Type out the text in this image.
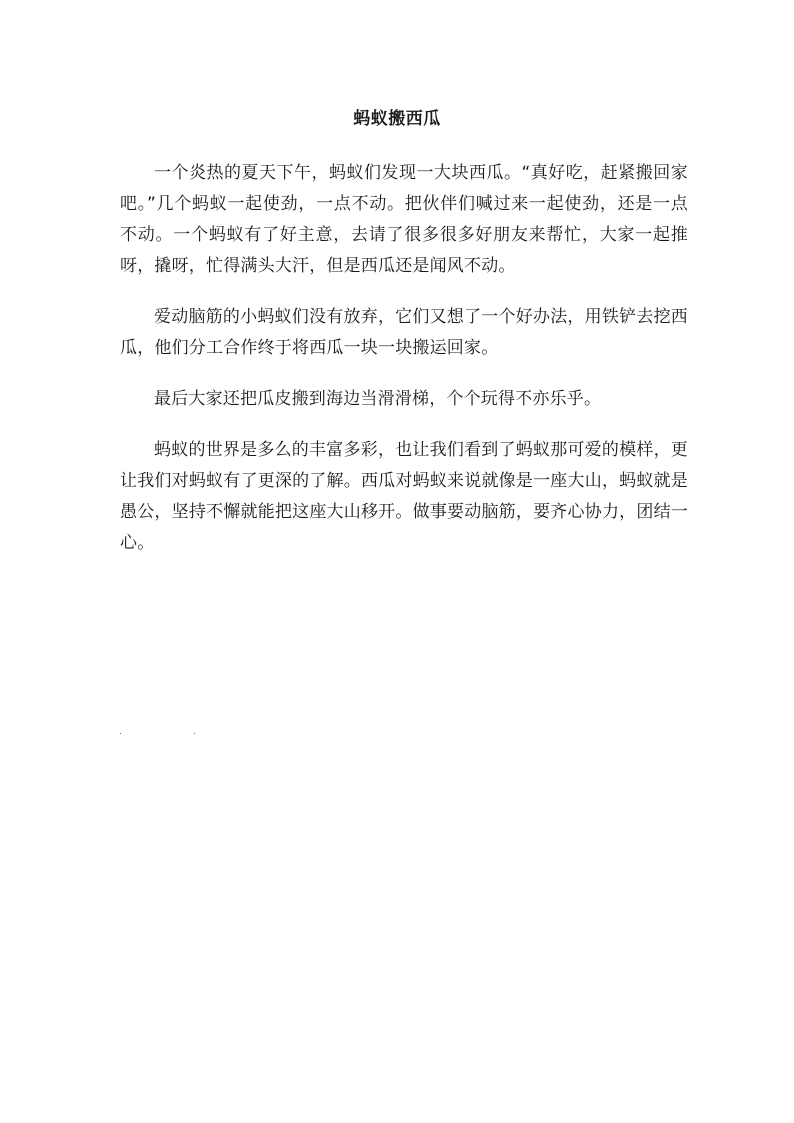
蚂蚁搬西瓜

一个炎热的夏天下午，蚂蚁们发现一大块西瓜。“真好吃，赶紧搬回家吧。”几个蚂蚁一起使劲，一点不动。把伙伴们喊过来一起使劲，还是一点不动。一个蚂蚁有了好主意，去请了很多很多好朋友来帮忙，大家一起推呀，撬呀，忙得满头大汗，但是西瓜还是闻风不动。

爱动脑筋的小蚂蚁们没有放弃，它们又想了一个好办法，用铁铲去挖西瓜，他们分工合作终于将西瓜一块一块搬运回家。

最后大家还把瓜皮搬到海边当滑滑梯，个个玩得不亦乐乎。

蚂蚁的世界是多么的丰富多彩，也让我们看到了蚂蚁那可爱的模样，更让我们对蚂蚁有了更深的了解。西瓜对蚂蚁来说就像是一座大山，蚂蚁就是愚公，坚持不懈就能把这座大山移开。做事要动脑筋，要齐心协力，团结一心。
